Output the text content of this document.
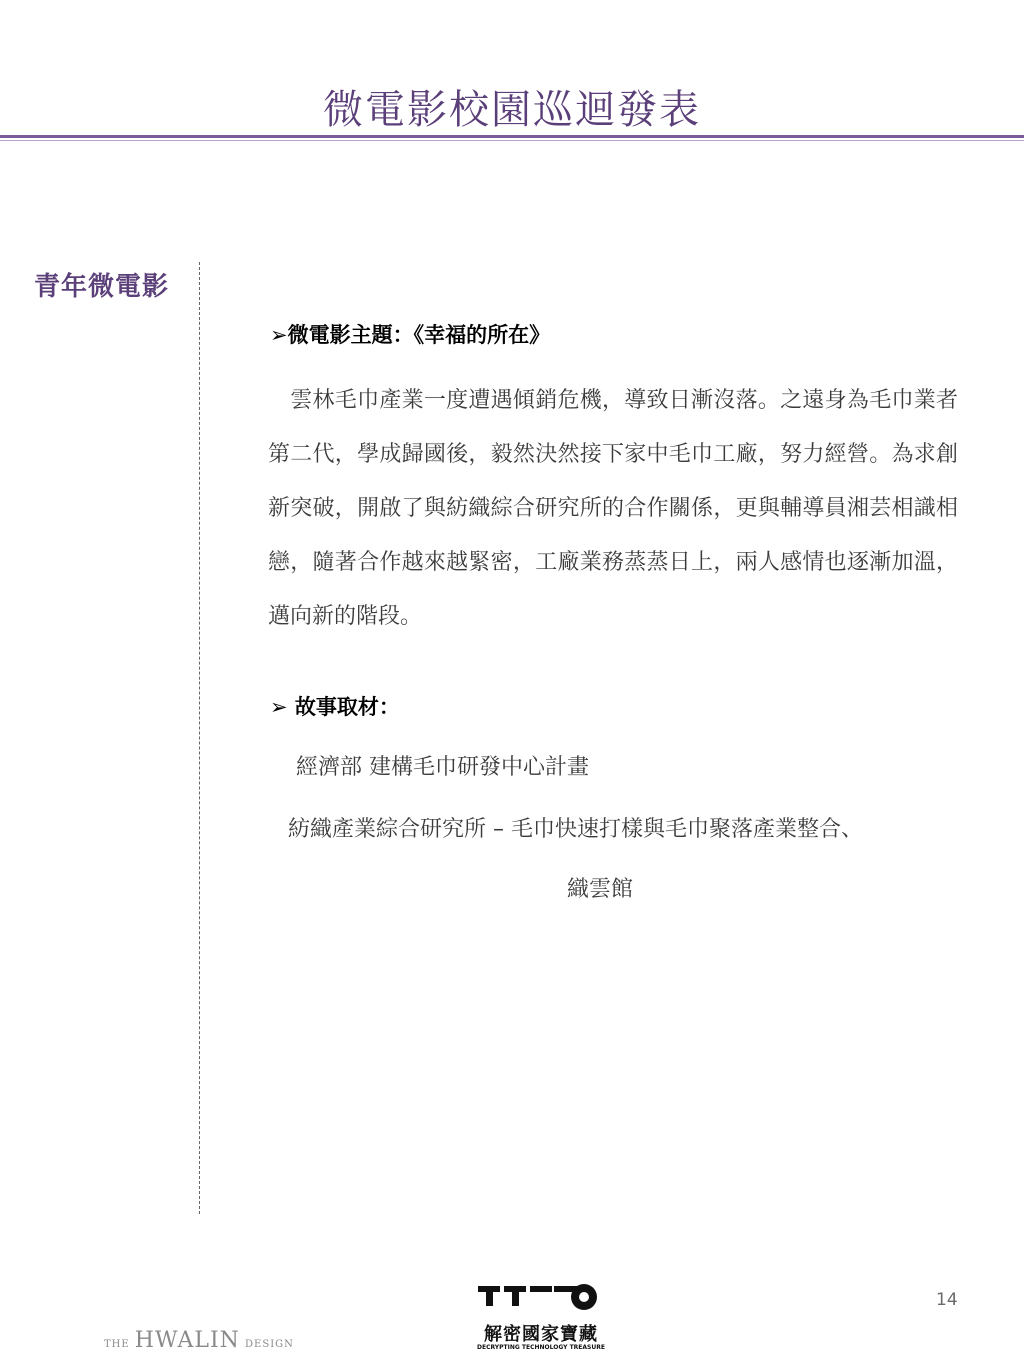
微電影校園巡迴發表
青年微電影
➢微電影主題：《幸福的所在》

　雲林毛巾產業一度遭遇傾銷危機，導致日漸沒落。之遠身為毛巾業者第二代，學成歸國後，毅然決然接下家中毛巾工廠，努力經營。為求創新突破，開啟了與紡織綜合研究所的合作關係，更與輔導員湘芸相識相戀，隨著合作越來越緊密，工廠業務蒸蒸日上，兩人感情也逐漸加溫，邁向新的階段。

➢ 故事取材：
經濟部 建構毛巾研發中心計畫
紡織產業綜合研究所 – 毛巾快速打樣與毛巾聚落產業整合、
織雲館
14
THE HWALIN DESIGN	解密國家寶藏
DECRYPTING TECHNOLOGY TREASURE
